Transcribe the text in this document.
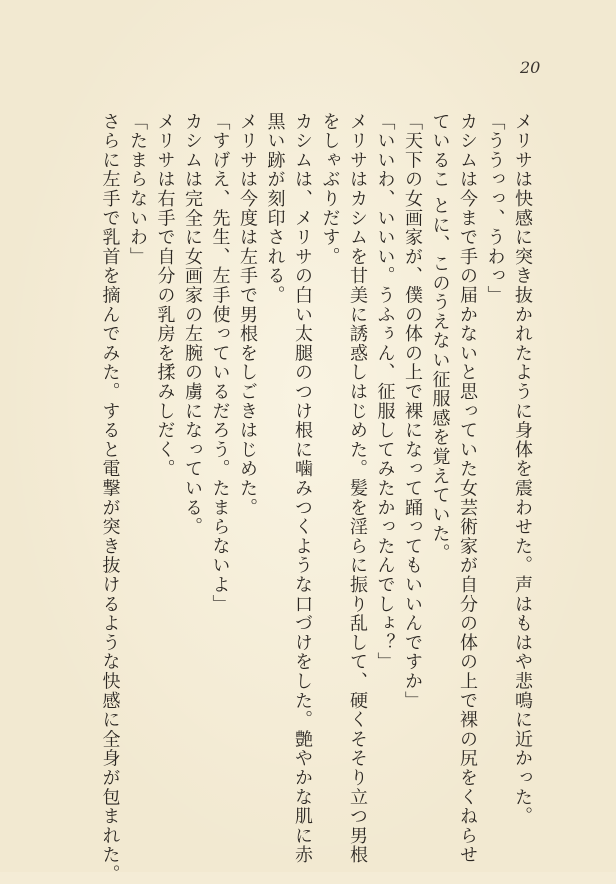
20
メリサは快感に突き抜かれたように身体を震わせた。声はもはや悲鳴に近かった。
「ううっっ、うわっ」
カシムは今まで手の届かないと思っていた女芸術家が自分の体の上で裸の尻をくねらせ
ているこ とに、このうえない征服感を覚えていた。
「天下の女画家が、僕の体の上で裸になって踊ってもいいんですか」
「いいわ、いいい。うふぅん、征服してみたかったんでしょ？」
メリサはカシムを甘美に誘惑しはじめた。髪を淫らに振り乱して、硬くそそり立つ男根
をしゃぶりだす。
カシムは、メリサの白い太腿のつけ根に噛みつくような口づけをした。艶やかな肌に赤
黒い跡が刻印される。
メリサは今度は左手で男根をしごきはじめた。
「すげえ、先生、左手使っているだろう。たまらないよ」
カシムは完全に女画家の左腕の虜になっている。
メリサは右手で自分の乳房を揉みしだく。
「たまらないわ」
さらに左手で乳首を摘んでみた。すると電撃が突き抜けるような快感に全身が包まれた。
